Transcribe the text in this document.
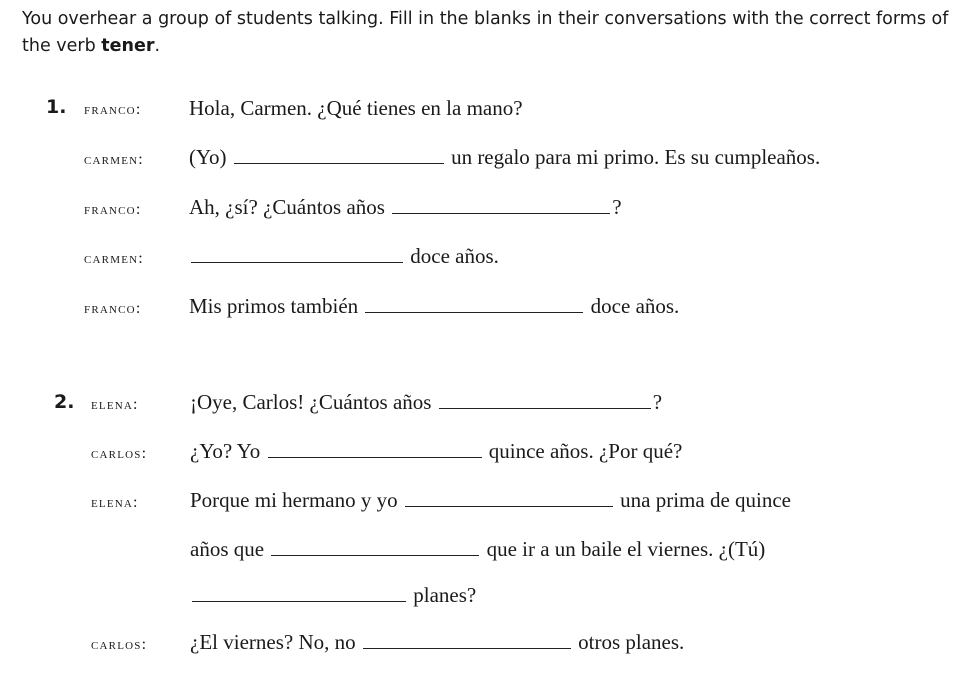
You overhear a group of students talking. Fill in the blanks in their conversations with the correct forms of the verb tener.
1. franco: Hola, Carmen. ¿Qué tienes en la mano?
carmen: (Yo)	un regalo para mi primo. Es su cumpleaños.
franco: Ah, ¿sí? ¿Cuántos años	?
carmen:	doce años.
franco: Mis primos también	doce años.
2. elena: ¡Oye, Carlos! ¿Cuántos años	?
carlos: ¿Yo? Yo	quince años. ¿Por qué?
elena: Porque mi hermano y yo	una prima de quince
años que	que ir a un baile el viernes. ¿(Tú)
planes?
carlos: ¿El viernes? No, no	otros planes.
